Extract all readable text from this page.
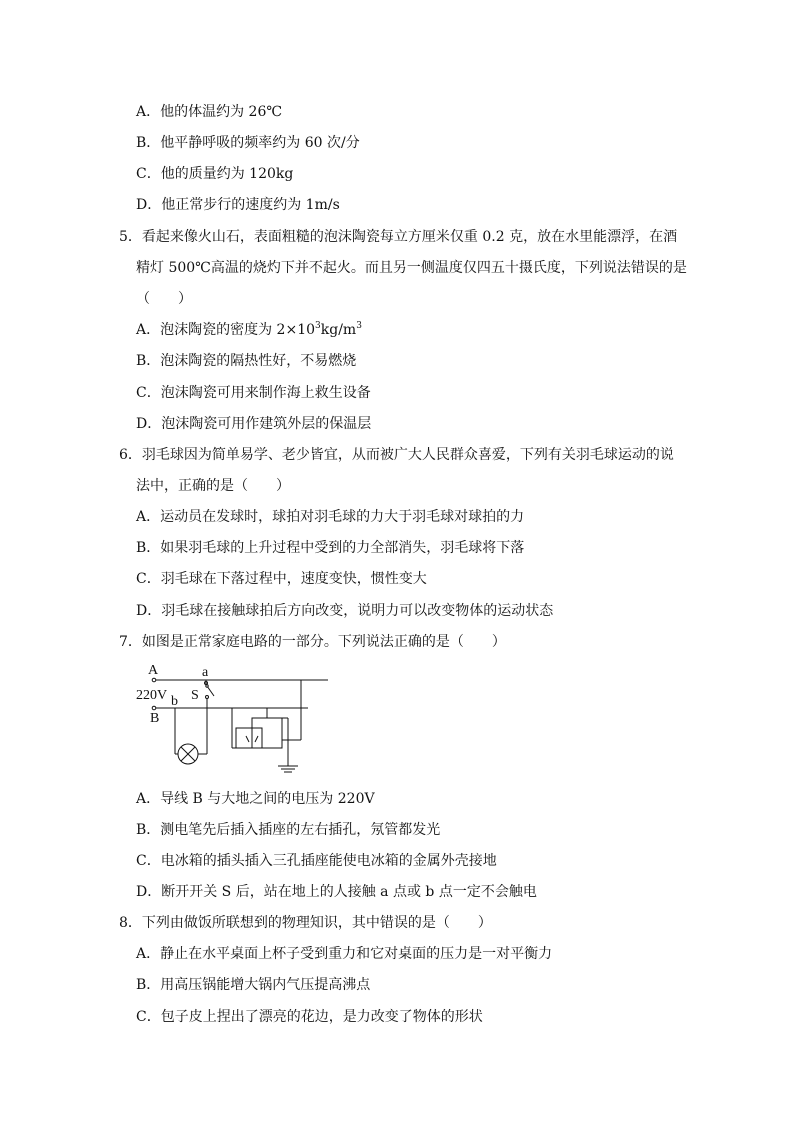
A．他的体温约为 26℃
B．他平静呼吸的频率约为 60 次/分
C．他的质量约为 120kg
D．他正常步行的速度约为 1m/s
5．看起来像火山石，表面粗糙的泡沫陶瓷每立方厘米仅重 0.2 克，放在水里能漂浮，在酒
精灯 500℃高温的烧灼下并不起火。而且另一侧温度仅四五十摄氏度，下列说法错误的是
（　　）
A．泡沫陶瓷的密度为 $2\times 10^3kg/m^3$
B．泡沫陶瓷的隔热性好，不易燃烧
C．泡沫陶瓷可用来制作海上救生设备
D．泡沫陶瓷可用作建筑外层的保温层
6．羽毛球因为简单易学、老少皆宜，从而被广大人民群众喜爱，下列有关羽毛球运动的说
法中，正确的是（　　）
A．运动员在发球时，球拍对羽毛球的力大于羽毛球对球拍的力
B．如果羽毛球的上升过程中受到的力全部消失，羽毛球将下落
C．羽毛球在下落过程中，速度变快，惯性变大
D．羽毛球在接触球拍后方向改变，说明力可以改变物体的运动状态
7．如图是正常家庭电路的一部分。下列说法正确的是（　　）
A	a
220V b S
B
A．导线 B 与大地之间的电压为 220V
B．测电笔先后插入插座的左右插孔，氖管都发光
C．电冰箱的插头插入三孔插座能使电冰箱的金属外壳接地
D．断开开关 S 后，站在地上的人接触 a 点或 b 点一定不会触电
8．下列由做饭所联想到的物理知识，其中错误的是（　　）
A．静止在水平桌面上杯子受到重力和它对桌面的压力是一对平衡力
B．用高压锅能增大锅内气压提高沸点
C．包子皮上捏出了漂亮的花边，是力改变了物体的形状
